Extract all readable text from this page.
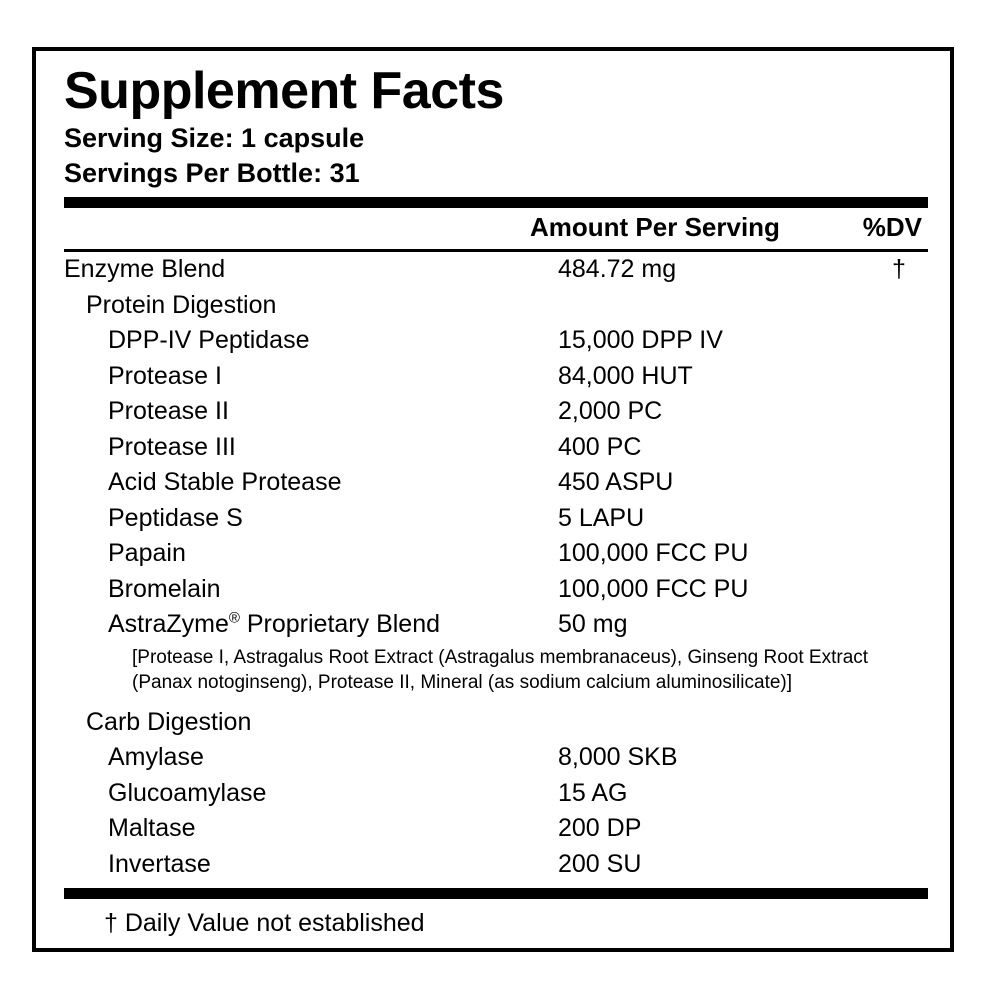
Supplement Facts
Serving Size: 1 capsule
Servings Per Bottle: 31
Amount Per Serving	%DV
Enzyme Blend	484.72 mg	†
Protein Digestion
DPP-IV Peptidase	15,000 DPP IV
Protease I	84,000 HUT
Protease II	2,000 PC
Protease III	400 PC
Acid Stable Protease	450 ASPU
Peptidase S	5 LAPU
Papain	100,000 FCC PU
Bromelain	100,000 FCC PU
AstraZyme® Proprietary Blend	50 mg
[Protease I, Astragalus Root Extract (Astragalus membranaceus), Ginseng Root Extract (Panax notoginseng), Protease II, Mineral (as sodium calcium aluminosilicate)]
Carb Digestion
Amylase	8,000 SKB
Glucoamylase	15 AG
Maltase	200 DP
Invertase	200 SU
† Daily Value not established
